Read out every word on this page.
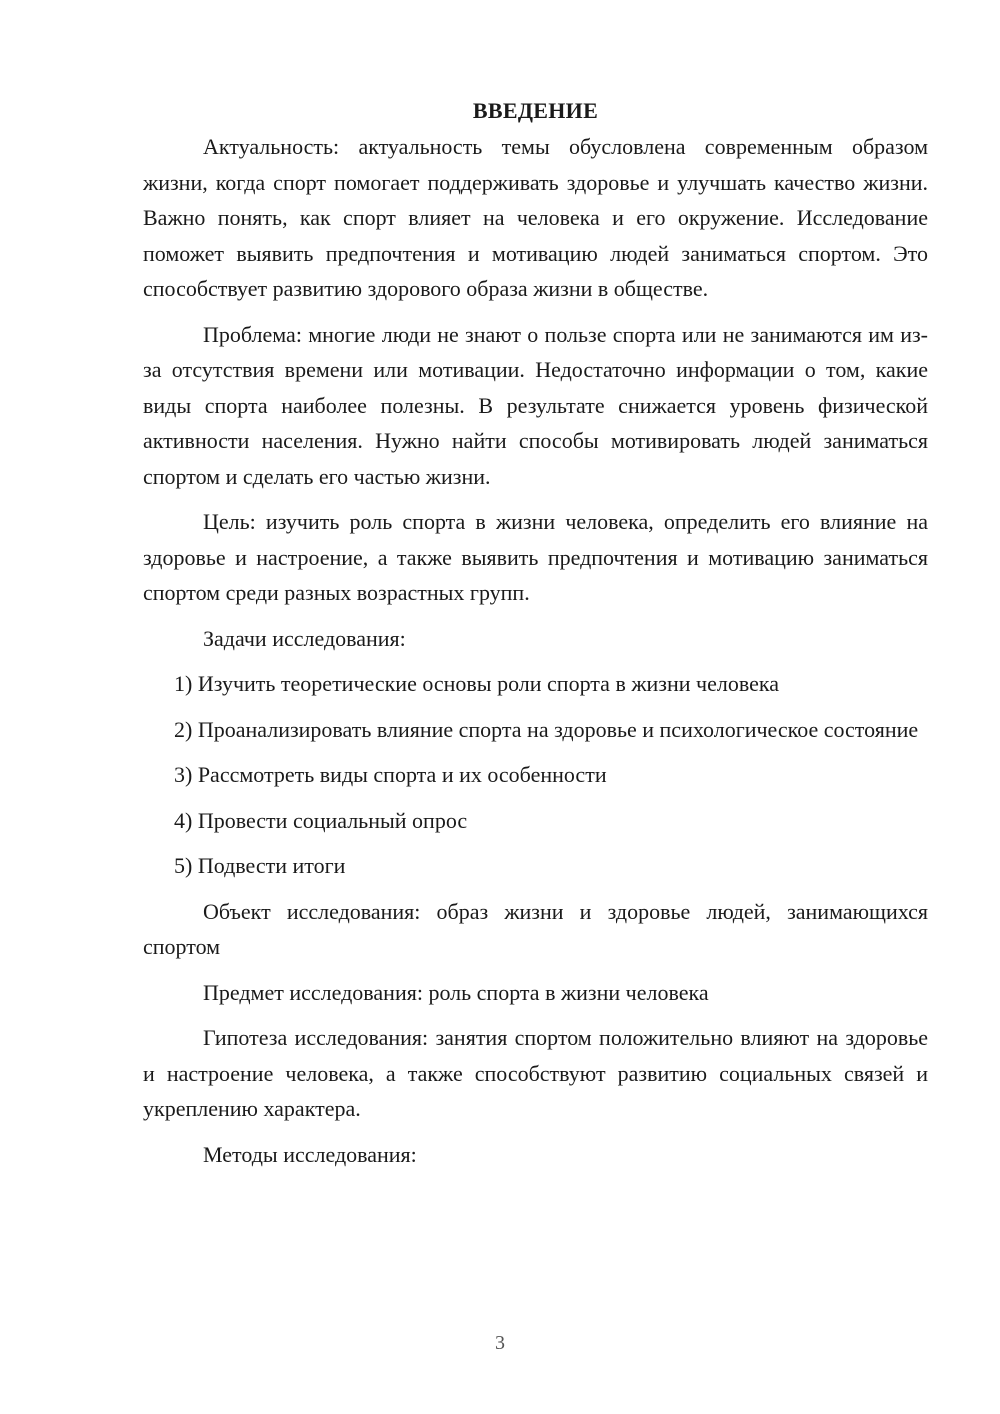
ВВЕДЕНИЕ

Актуальность: актуальность темы обусловлена современным образом жизни, когда спорт помогает поддерживать здоровье и улучшать качество жизни. Важно понять, как спорт влияет на человека и его окружение. Исследование поможет выявить предпочтения и мотивацию людей заниматься спортом. Это способствует развитию здорового образа жизни в обществе.

Проблема: многие люди не знают о пользе спорта или не занимаются им из-за отсутствия времени или мотивации. Недостаточно информации о том, какие виды спорта наиболее полезны. В результате снижается уровень физической активности населения. Нужно найти способы мотивировать людей заниматься спортом и сделать его частью жизни.

Цель: изучить роль спорта в жизни человека, определить его влияние на здоровье и настроение, а также выявить предпочтения и мотивацию заниматься спортом среди разных возрастных групп.

Задачи исследования:

1) Изучить теоретические основы роли спорта в жизни человека

2) Проанализировать влияние спорта на здоровье и психологическое состояние

3) Рассмотреть виды спорта и их особенности

4) Провести социальный опрос

5) Подвести итоги

Объект исследования: образ жизни и здоровье людей, занимающихся спортом

Предмет исследования: роль спорта в жизни человека

Гипотеза исследования: занятия спортом положительно влияют на здоровье и настроение человека, а также способствуют развитию социальных связей и укреплению характера.

Методы исследования:

3
